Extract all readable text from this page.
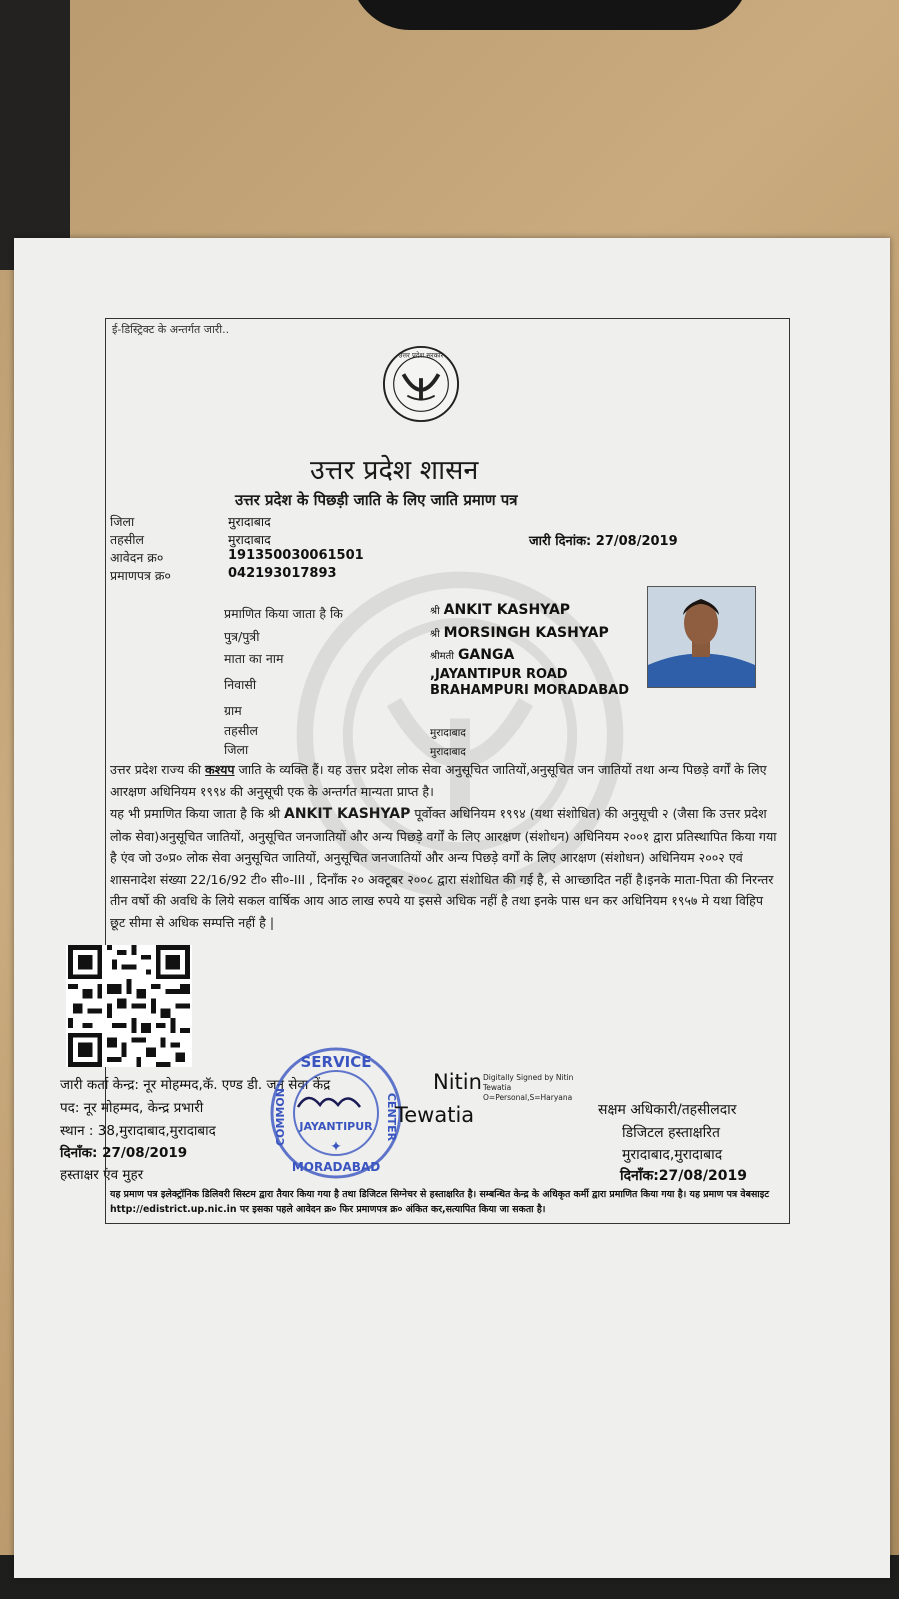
ई-डिस्ट्रिक्ट के अन्तर्गत जारी..
उत्तर प्रदेश सरकार
उत्तर प्रदेश शासन
उत्तर प्रदेश के पिछड़ी जाति के लिए जाति प्रमाण पत्र
जिला	मुरादाबाद
तहसील	मुरादाबाद
आवेदन क्र०	191350030061501
प्रमाणपत्र क्र०	042193017893
जारी दिनांक: 27/08/2019
प्रमाणित किया जाता है कि	श्री ANKIT KASHYAP
पुत्र/पुत्री	श्री MORSINGH KASHYAP
माता का नाम	श्रीमती GANGA
निवासी
,JAYANTIPUR ROAD
BRAHAMPURI MORADABAD
ग्राम
तहसील	मुरादाबाद
जिला	मुरादाबाद
उत्तर प्रदेश राज्य की कश्यप जाति के व्यक्ति हैं। यह उत्तर प्रदेश लोक सेवा अनुसूचित जातियों,अनुसूचित जन जातियों तथा अन्य पिछड़े वर्गों के लिए आरक्षण अधिनियम १९९४ की अनुसूची एक के अन्तर्गत मान्यता प्राप्त है।
यह भी प्रमाणित किया जाता है कि श्री ANKIT KASHYAP पूर्वोक्त अधिनियम १९९४ (यथा संशोधित) की अनुसूची २ (जैसा कि उत्तर प्रदेश लोक सेवा)अनुसूचित जातियों, अनुसूचित जनजातियों और अन्य पिछड़े वर्गों के लिए आरक्षण (संशोधन) अधिनियम २००१ द्वारा प्रतिस्थापित किया गया है एंव जो उ०प्र० लोक सेवा अनुसूचित जातियों, अनुसूचित जनजातियों और अन्य पिछड़े वर्गों के लिए आरक्षण (संशोधन) अधिनियम २००२ एवं शासनादेश संख्या 22/16/92 टी० सी०-III , दिनाँक २० अक्टूबर २००८ द्वारा संशोधित की गई है, से आच्छादित नहीं है।इनके माता-पिता की निरन्तर तीन वर्षो की अवधि के लिये सकल वार्षिक आय आठ लाख रुपये या इससे अधिक नहीं है तथा इनके पास धन कर अधिनियम १९५७ मे यथा विहिप छूट सीमा से अधिक सम्पत्ति नहीं है |
जारी कर्ता केन्द्र: नूर मोहम्मद,कॅ. एण्ड डी. जन सेवा केंद्र
पद: नूर मोहम्मद, केन्द्र प्रभारी
स्थान : 38,मुरादाबाद,मुरादाबाद
दिनाँक: 27/08/2019
हस्ताक्षर एंव मुहर
SERVICE
COMMON	CENTER
JAYANTIPUR
✦
MORADABAD
Nitin
Tewatia
Digitally Signed by Nitin
Tewatia
O=Personal,S=Haryana
सक्षम अधिकारी/तहसीलदार
डिजिटल हस्ताक्षरित
मुरादाबाद,मुरादाबाद
दिनाँक:27/08/2019
यह प्रमाण पत्र इलेक्ट्रॉनिक डिलिवरी सिस्टम द्वारा तैयार किया गया है तथा डिजिटल सिग्नेचर से हस्ताक्षरित है। सम्बन्धित केन्द्र के अधिकृत कर्मी द्वारा प्रमाणित किया गया है। यह प्रमाण पत्र वेबसाइट http://edistrict.up.nic.in पर इसका पहले आवेदन क्र० फिर प्रमाणपत्र क्र० अंकित कर,सत्यापित किया जा सकता है।
